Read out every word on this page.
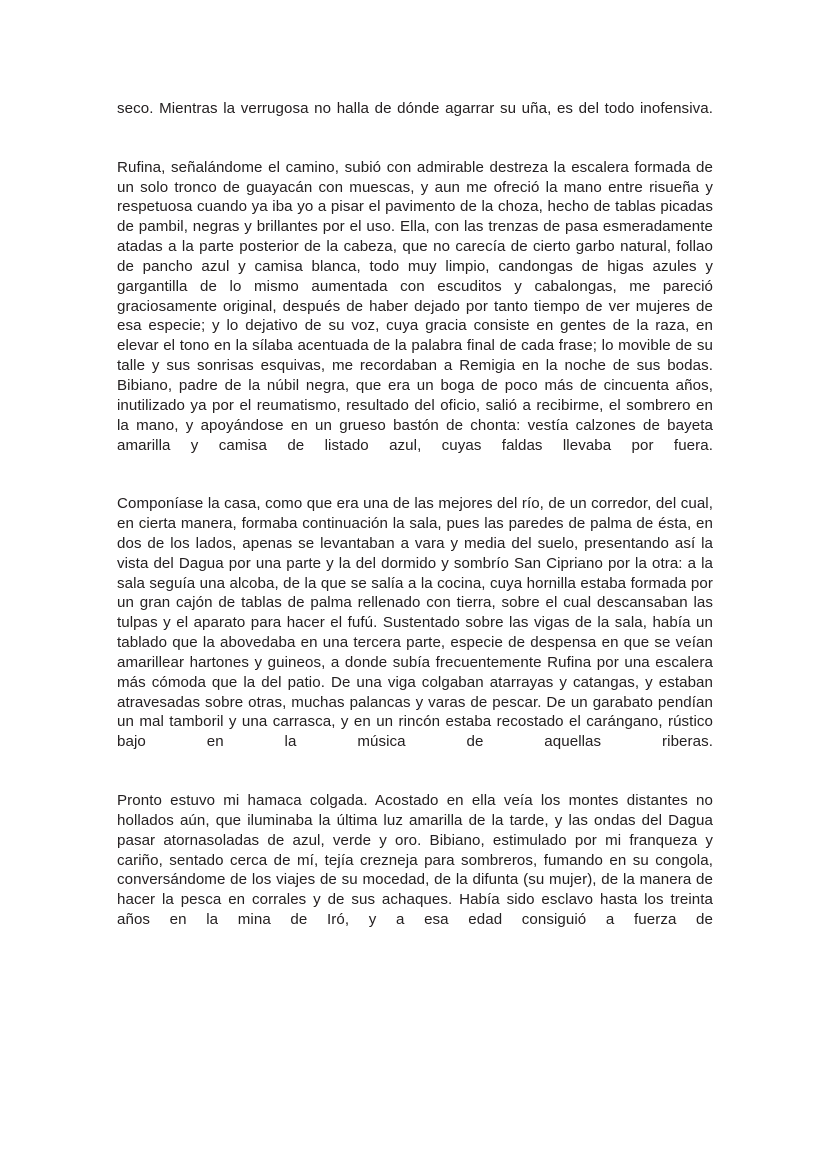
seco. Mientras la verrugosa no halla de dónde agarrar su uña, es del todo inofensiva.

Rufina, señalándome el camino, subió con admirable destreza la escalera formada de un solo tronco de guayacán con muescas, y aun me ofreció la mano entre risueña y respetuosa cuando ya iba yo a pisar el pavimento de la choza, hecho de tablas picadas de pambil, negras y brillantes por el uso. Ella, con las trenzas de pasa esmeradamente atadas a la parte posterior de la cabeza, que no carecía de cierto garbo natural, follao de pancho azul y camisa blanca, todo muy limpio, candongas de higas azules y gargantilla de lo mismo aumentada con escuditos y cabalongas, me pareció graciosamente original, después de haber dejado por tanto tiempo de ver mujeres de esa especie; y lo dejativo de su voz, cuya gracia consiste en gentes de la raza, en elevar el tono en la sílaba acentuada de la palabra final de cada frase; lo movible de su talle y sus sonrisas esquivas, me recordaban a Remigia en la noche de sus bodas. Bibiano, padre de la núbil negra, que era un boga de poco más de cincuenta años, inutilizado ya por el reumatismo, resultado del oficio, salió a recibirme, el sombrero en la mano, y apoyándose en un grueso bastón de chonta: vestía calzones de bayeta amarilla y camisa de listado azul, cuyas faldas llevaba por fuera.

Componíase la casa, como que era una de las mejores del río, de un corredor, del cual, en cierta manera, formaba continuación la sala, pues las paredes de palma de ésta, en dos de los lados, apenas se levantaban a vara y media del suelo, presentando así la vista del Dagua por una parte y la del dormido y sombrío San Cipriano por la otra: a la sala seguía una alcoba, de la que se salía a la cocina, cuya hornilla estaba formada por un gran cajón de tablas de palma rellenado con tierra, sobre el cual descansaban las tulpas y el aparato para hacer el fufú. Sustentado sobre las vigas de la sala, había un tablado que la abovedaba en una tercera parte, especie de despensa en que se veían amarillear hartones y guineos, a donde subía frecuentemente Rufina por una escalera más cómoda que la del patio. De una viga colgaban atarrayas y catangas, y estaban atravesadas sobre otras, muchas palancas y varas de pescar. De un garabato pendían un mal tamboril y una carrasca, y en un rincón estaba recostado el carángano, rústico bajo en la música de aquellas riberas.

Pronto estuvo mi hamaca colgada. Acostado en ella veía los montes distantes no hollados aún, que iluminaba la última luz amarilla de la tarde, y las ondas del Dagua pasar atornasoladas de azul, verde y oro. Bibiano, estimulado por mi franqueza y cariño, sentado cerca de mí, tejía crezneja para sombreros, fumando en su congola, conversándome de los viajes de su mocedad, de la difunta (su mujer), de la manera de hacer la pesca en corrales y de sus achaques. Había sido esclavo hasta los treinta años en la mina de Iró, y a esa edad consiguió a fuerza de
